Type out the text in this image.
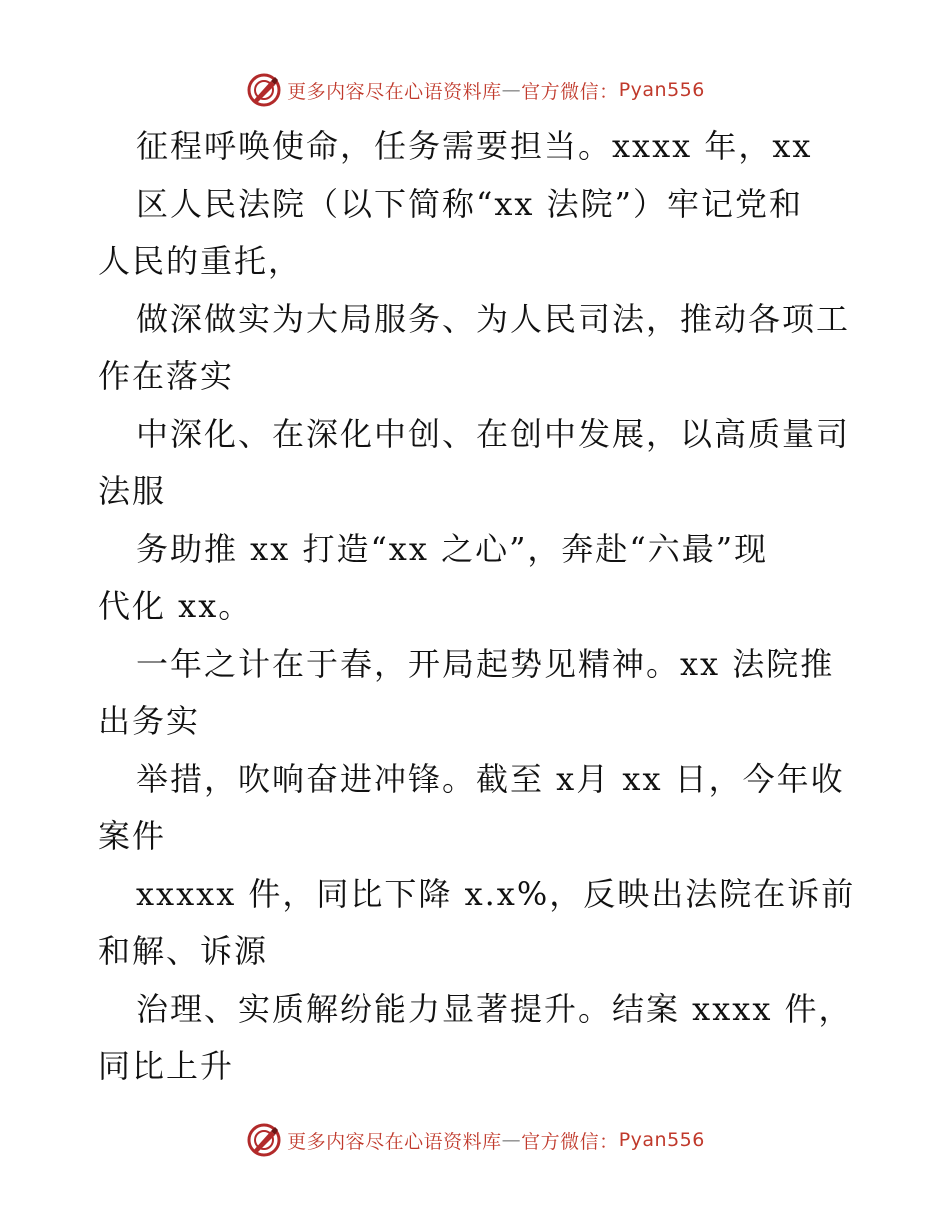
更多内容尽在心语资料库 — 官方微信： Pyan556
征程呼唤使命，任务需要担当。xxxx 年，xx
区人民法院（以下简称“xx 法院”）牢记党和
人民的重托，
做深做实为大局服务、为人民司法，推动各项工
作在落实
中深化、在深化中创、在创中发展，以高质量司
法服
务助推 xx 打造“xx 之心”，奔赴“六最”现
代化 xx。
一年之计在于春，开局起势见精神。xx 法院推
出务实
举措，吹响奋进冲锋。截至 x月 xx 日，今年收
案件
xxxxx 件，同比下降 x.x%，反映出法院在诉前
和解、诉源
治理、实质解纷能力显著提升。结案 xxxx 件，
同比上升
更多内容尽在心语资料库 — 官方微信： Pyan556
